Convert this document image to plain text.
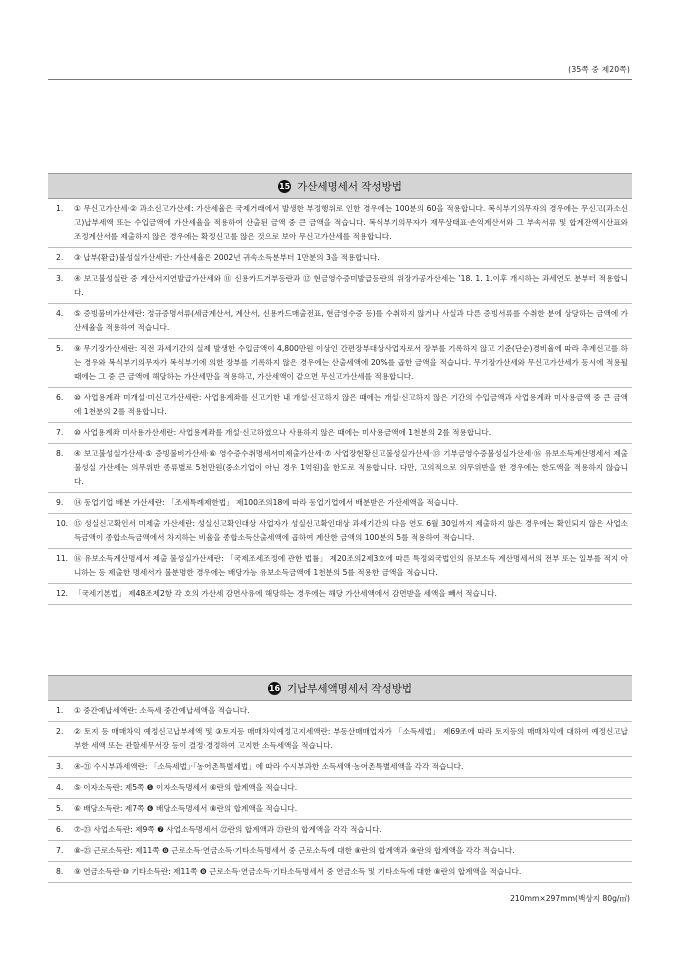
(35쪽 중 제20쪽)
15 가산세명세서 작성방법
1.	① 무신고가산세·② 과소신고가산세: 가산세율은 국제거래에서 발생한 부정행위로 인한 경우에는 100분의 60을 적용합니다. 복식부기의무자의 경우에는 무신고(과소신고)납부세액 또는 수입금액에 가산세율을 적용하여 산출된 금액 중 큰 금액을 적습니다. 복식부기의무자가 재무상태표·손익계산서와 그 부속서류 및 합계잔액시산표와 조정계산서를 제출하지 않은 경우에는 확정신고를 않은 것으로 보아 무신고가산세를 적용합니다.
2.	③ 납부(환급)불성실가산세란: 가산세율은 2002년 귀속소득분부터 1만분의 3을 적용합니다.
3.	④ 보고불성실란 중 계산서지연발급가산세와 ⑪ 신용카드거부등란과 ⑫ 현금영수증미발급등란의 위장가공가산세는 ’18. 1. 1.이후 개시하는 과세연도 분부터 적용합니다.
4.	⑤ 증빙불비가산세란: 정규증명서류(세금계산서, 계산서, 신용카드매출전표, 현금영수증 등)를 수취하지 않거나 사실과 다른 증빙서류를 수취한 분에 상당하는 금액에 가산세율을 적용하여 적습니다.
5.	⑨ 무기장가산세란: 직전 과세기간의 실제 발생한 수입금액이 4,800만원 이상인 간편장부대상사업자로서 장부를 기록하지 않고 기준(단순)경비율에 따라 추계신고를 하는 경우와 복식부기의무자가 복식부기에 의한 장부를 기록하지 않은 경우에는 산출세액에 20%를 곱한 금액을 적습니다. 무기장가산세와 무신고가산세가 동시에 적용될 때에는 그 중 큰 금액에 해당하는 가산세만을 적용하고, 가산세액이 같으면 무신고가산세를 적용합니다.
6.	⑩ 사업용계좌 미개설·미신고가산세란: 사업용계좌를 신고기한 내 개설·신고하지 않은 때에는 개설·신고하지 않은 기간의 수입금액과 사업용계좌 미사용금액 중 큰 금액에 1천분의 2를 적용합니다.
7.	⑩ 사업용계좌 미사용가산세란: 사업용계좌를 개설·신고하였으나 사용하지 않은 때에는 미사용금액에 1천분의 2를 적용합니다.
8.	④ 보고불성실가산세·⑤ 증빙불비가산세·⑥ 영수증수취명세서미제출가산세·⑦ 사업장현황신고불성실가산세·⑬ 기부금영수증불성실가산세·⑯ 유보소득계산명세서 제출 불성실 가산세는 의무위반 종류별로 5천만원(중소기업이 아닌 경우 1억원)을 한도로 적용합니다. 다만, 고의적으로 의무위반을 한 경우에는 한도액을 적용하지 않습니다.
9.	⑭ 동업기업 배분 가산세란: 「조세특례제한법」 제100조의18에 따라 동업기업에서 배분받은 가산세액을 적습니다.
10. ⑮ 성실신고확인서 미제출 가산세란: 성실신고확인대상 사업자가 성실신고확인대상 과세기간의 다음 연도 6월 30일까지 제출하지 않은 경우에는 확인되지 않은 사업소득금액이 종합소득금액에서 차지하는 비율을 종합소득산출세액에 곱하여 계산한 금액의 100분의 5를 적용하여 적습니다.
11. ⑯ 유보소득계산명세서 제출 불성실가산세란: 「국제조세조정에 관한 법률」 제20조의2제3호에 따른 특정외국법인의 유보소득 계산명세서의 전부 또는 일부를 적지 아니하는 등 제출한 명세서가 불분명한 경우에는 배당가능 유보소득금액에 1천분의 5를 적용한 금액을 적습니다.
12. 「국세기본법」 제48조제2항 각 호의 가산세 감면사유에 해당하는 경우에는 해당 가산세액에서 감면받을 세액을 빼서 적습니다.
16 기납부세액명세서 작성방법
1.	① 중간예납세액란: 소득세 중간예납세액을 적습니다.
2.	② 토지 등 매매차익 예정신고납부세액 및 ③토지등 매매차익예정고지세액란: 부동산매매업자가 「소득세법」 제69조에 따라 토지등의 매매차익에 대하여 예정신고납부한 세액 또는 관할세무서장 등이 결정·경정하여 고지한 소득세액을 적습니다.
3.	④-㉑ 수시부과세액란: 「소득세법」·「농어촌특별세법」에 따라 수시부과한 소득세액·농어촌특별세액을 각각 적습니다.
4.	⑤ 이자소득란: 제5쪽 ❺ 이자소득명세서 ⑥란의 합계액을 적습니다.
5.	⑥ 배당소득란: 제7쪽 ❻ 배당소득명세서 ⑧란의 합계액을 적습니다.
6.	⑦-㉓ 사업소득란: 제9쪽 ❼ 사업소득명세서 ㉒란의 합계액과 ㉓란의 합계액을 각각 적습니다.
7.	⑧-㉕ 근로소득란: 제11쪽 ❽ 근로소득·연금소득·기타소득명세서 중 근로소득에 대한 ⑧란의 합계액과 ⑨란의 합계액을 각각 적습니다.
8.	⑨ 연금소득란·⑩ 기타소득란: 제11쪽 ❽ 근로소득·연금소득·기타소득명세서 중 연금소득 및 기타소득에 대한 ⑧란의 합계액을 적습니다.
210mm×297mm(백상지 80g/㎡)
